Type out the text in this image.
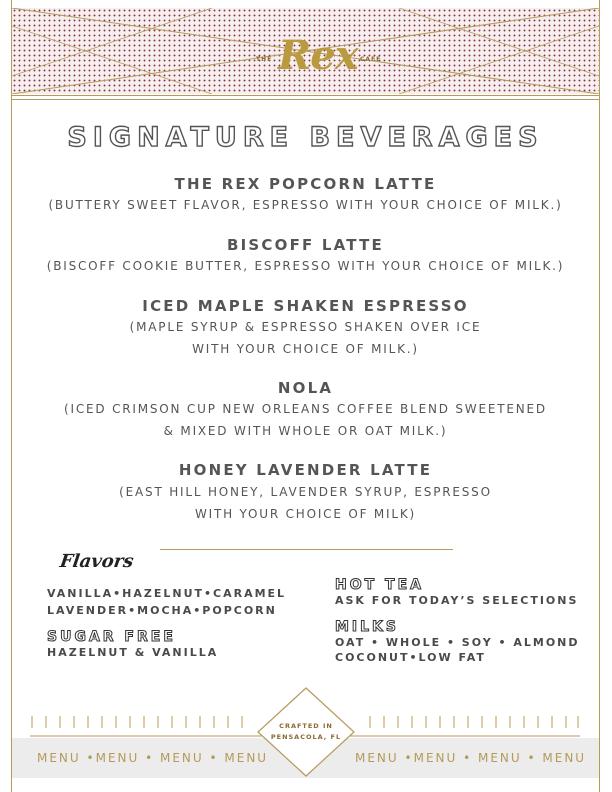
THE Rex CAFE
SIGNATURE BEVERAGES
THE REX POPCORN LATTE
(BUTTERY SWEET FLAVOR, ESPRESSO WITH YOUR CHOICE OF MILK.)
BISCOFF LATTE
(BISCOFF COOKIE BUTTER, ESPRESSO WITH YOUR CHOICE OF MILK.)
ICED MAPLE SHAKEN ESPRESSO
(MAPLE SYRUP & ESPRESSO SHAKEN OVER ICE
WITH YOUR CHOICE OF MILK.)
NOLA
(ICED CRIMSON CUP NEW ORLEANS COFFEE BLEND SWEETENED
& MIXED WITH WHOLE OR OAT MILK.)
HONEY LAVENDER LATTE
(EAST HILL HONEY, LAVENDER SYRUP, ESPRESSO
WITH YOUR CHOICE OF MILK)
Flavors
VANILLA•HAZELNUT•CARAMEL
LAVENDER•MOCHA•POPCORN
SUGAR FREE
HAZELNUT & VANILLA
HOT TEA
ASK FOR TODAY’S SELECTIONS
MILKS
OAT • WHOLE • SOY • ALMOND
COCONUT•LOW FAT
MENU •MENU • MENU • MENU	MENU •MENU • MENU • MENU
CRAFTED IN
PENSACOLA, FL
